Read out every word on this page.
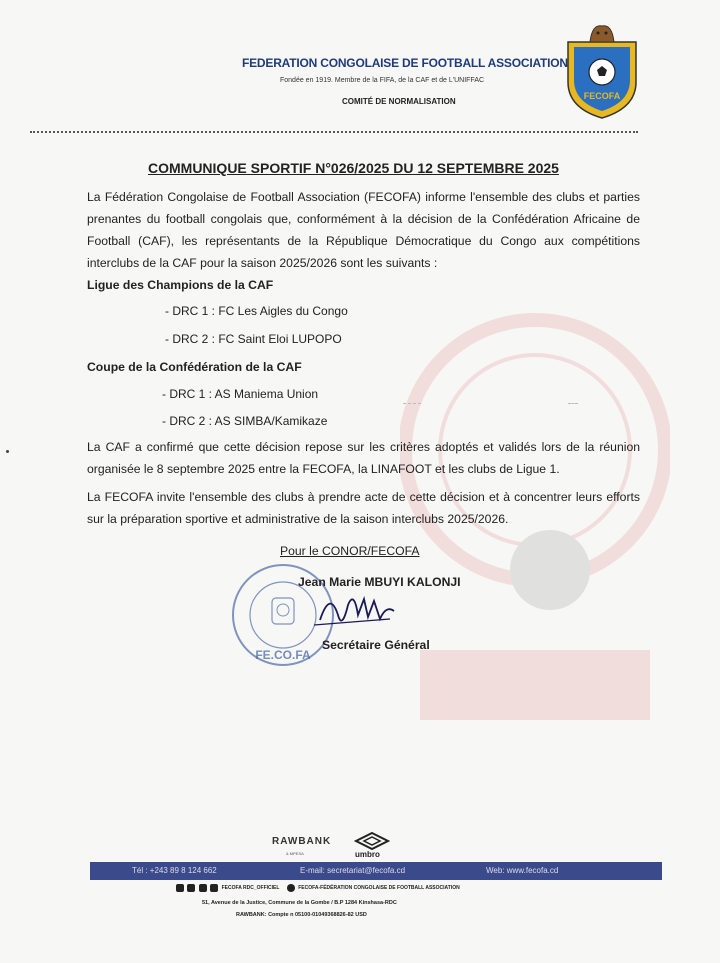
FEDERATION CONGOLAISE DE FOOTBALL ASSOCIATION
Fondée en 1919. Membre de la FIFA, de la CAF et de L'UNIFFAC
COMITÉ DE NORMALISATION
FECOFA
COMMUNIQUE SPORTIF N°026/2025 DU 12 SEPTEMBRE 2025
La Fédération Congolaise de Football Association (FECOFA) informe l'ensemble des clubs et parties prenantes du football congolais que, conformément à la décision de la Confédération Africaine de Football (CAF), les représentants de la République Démocratique du Congo aux compétitions interclubs de la CAF pour la saison 2025/2026 sont les suivants :
Ligue des Champions de la CAF
- DRC 1 : FC Les Aigles du Congo
- DRC 2 : FC Saint Eloi LUPOPO
Coupe de la Confédération de la CAF
- DRC 1 : AS Maniema Union
- DRC 2 : AS SIMBA/Kamikaze
La CAF a confirmé que cette décision repose sur les critères adoptés et validés lors de la réunion organisée le 8 septembre 2025 entre la FECOFA, la LINAFOOT et les clubs de Ligue 1.
La FECOFA invite l'ensemble des clubs à prendre acte de cette décision et à concentrer leurs efforts sur la préparation sportive et administrative de la saison interclubs 2025/2026.
FE.CO.FA
Pour le CONOR/FECOFA
Jean Marie MBUYI KALONJI
Secrétaire Général
RAWBANK
& MPESA	umbro
Tél : +243 89 8 124 662	E-mail: secretariat@fecofa.cd	Web: www.fecofa.cd
FECOFA RDC_OFFICIEL	FECOFA-FÉDÉRATION CONGOLAISE DE FOOTBALL ASSOCIATION
51, Avenue de la Justice, Commune de la Gombe / B.P 1284 Kinshasa-RDC
RAWBANK: Compte n 05100-01049368826-82 USD
